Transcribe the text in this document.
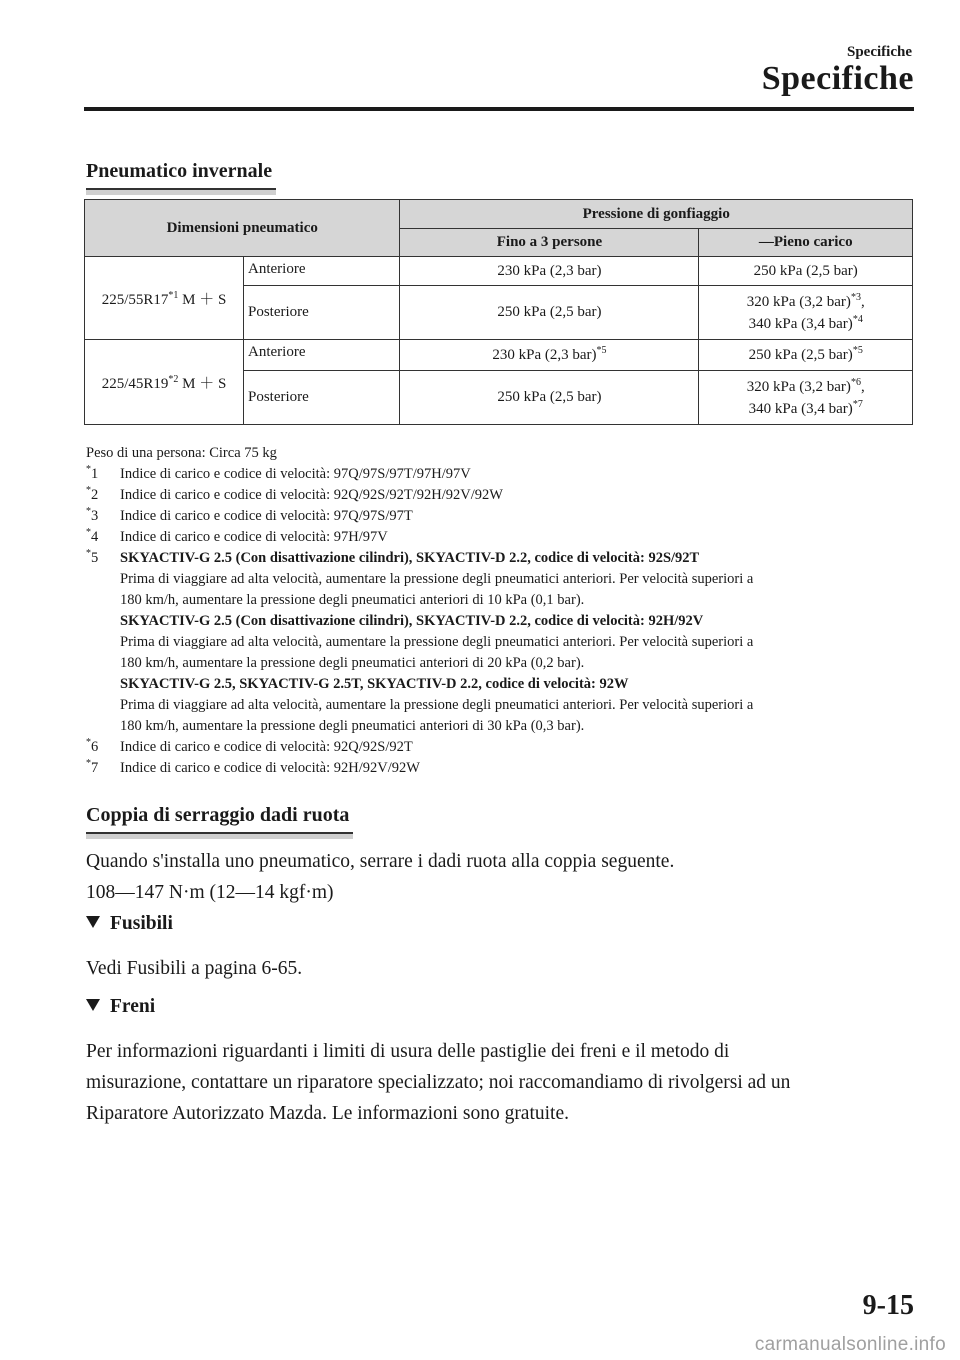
Specifiche
Specifiche
Pneumatico invernale
Dimensioni pneumatico		Pressione di gonfiaggio	
		Fino a 3 persone	—Pieno carico
225/55R17$^{*1}$ M ＋ S	Anteriore	230 kPa (2,3 bar)	250 kPa (2,5 bar)
	Posteriore	250 kPa (2,5 bar)	320 kPa (3,2 bar)$^{*3}$,
340 kPa (3,4 bar)$^{*4}$
225/45R19$^{*2}$ M ＋ S	Anteriore	230 kPa (2,3 bar)$^{*5}$	250 kPa (2,5 bar)$^{*5}$
	Posteriore	250 kPa (2,5 bar)	320 kPa (3,2 bar)$^{*6}$,
340 kPa (3,4 bar)$^{*7}$
Peso di una persona: Circa 75 kg
*1	Indice di carico e codice di velocità: 97Q/97S/97T/97H/97V
*2	Indice di carico e codice di velocità: 92Q/92S/92T/92H/92V/92W
*3	Indice di carico e codice di velocità: 97Q/97S/97T
*4	Indice di carico e codice di velocità: 97H/97V
*5	SKYACTIV-G 2.5 (Con disattivazione cilindri), SKYACTIV-D 2.2, codice di velocità: 92S/92T
Prima di viaggiare ad alta velocità, aumentare la pressione degli pneumatici anteriori. Per velocità superiori a
180 km/h, aumentare la pressione degli pneumatici anteriori di 10 kPa (0,1 bar).
SKYACTIV-G 2.5 (Con disattivazione cilindri), SKYACTIV-D 2.2, codice di velocità: 92H/92V
Prima di viaggiare ad alta velocità, aumentare la pressione degli pneumatici anteriori. Per velocità superiori a
180 km/h, aumentare la pressione degli pneumatici anteriori di 20 kPa (0,2 bar).
SKYACTIV-G 2.5, SKYACTIV-G 2.5T, SKYACTIV-D 2.2, codice di velocità: 92W
Prima di viaggiare ad alta velocità, aumentare la pressione degli pneumatici anteriori. Per velocità superiori a
180 km/h, aumentare la pressione degli pneumatici anteriori di 30 kPa (0,3 bar).
*6	Indice di carico e codice di velocità: 92Q/92S/92T
*7	Indice di carico e codice di velocità: 92H/92V/92W
Coppia di serraggio dadi ruota
Quando s'installa uno pneumatico, serrare i dadi ruota alla coppia seguente.
108—147 N·m (12—14 kgf·m)
Fusibili
Vedi Fusibili a pagina 6-65.
Freni
Per informazioni riguardanti i limiti di usura delle pastiglie dei freni e il metodo di
misurazione, contattare un riparatore specializzato; noi raccomandiamo di rivolgersi ad un
Riparatore Autorizzato Mazda. Le informazioni sono gratuite.
9-15
carmanualsonline.info
